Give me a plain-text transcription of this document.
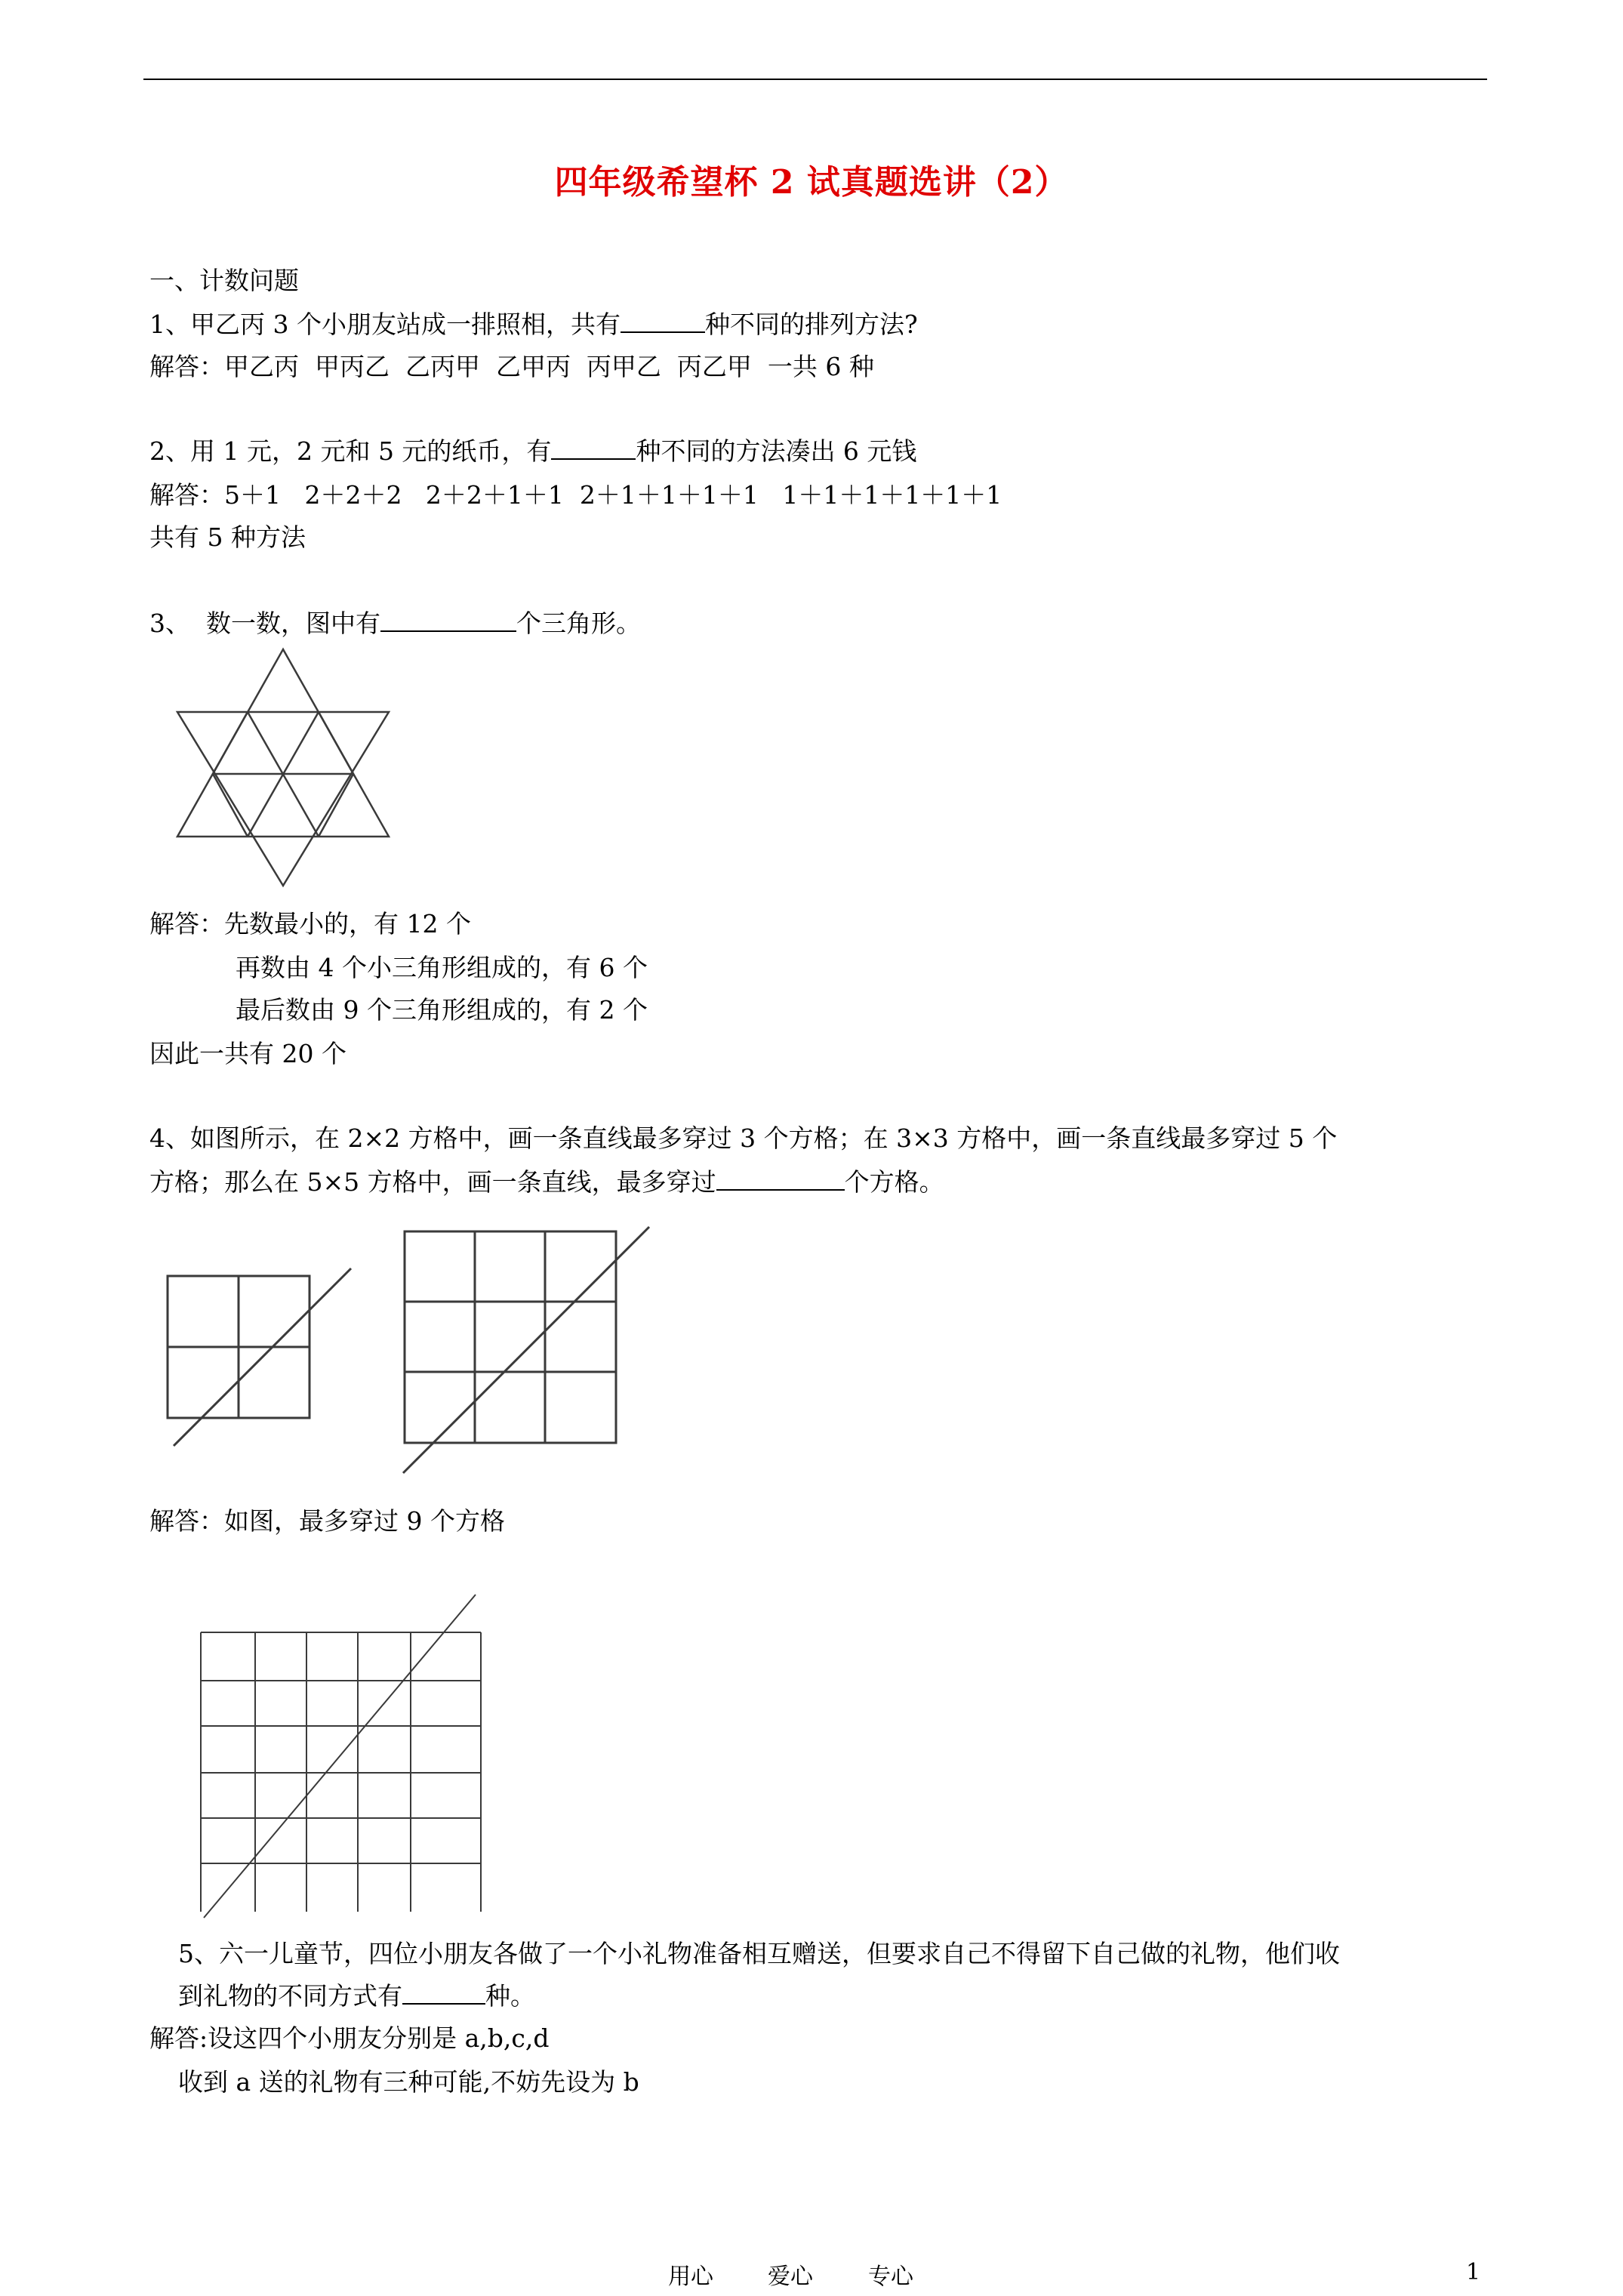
四年级希望杯 2 试真题选讲（2）
一、计数问题
1、甲乙丙 3 个小朋友站成一排照相，共有	种不同的排列方法?
解答：甲乙丙  甲丙乙  乙丙甲  乙甲丙  丙甲乙  丙乙甲  一共 6 种
2、用 1 元，2 元和 5 元的纸币，有	种不同的方法凑出 6 元钱
解答：5＋1   2＋2＋2   2＋2＋1＋1  2＋1＋1＋1＋1   1＋1＋1＋1＋1＋1
共有 5 种方法
3、  数一数，图中有	个三角形。
解答：先数最小的，有 12 个
再数由 4 个小三角形组成的，有 6 个
最后数由 9 个三角形组成的，有 2 个
因此一共有 20 个
4、如图所示，在 2×2 方格中，画一条直线最多穿过 3 个方格；在 3×3 方格中，画一条直线最多穿过 5 个
方格；那么在 5×5 方格中，画一条直线，最多穿过	个方格。
解答：如图，最多穿过 9 个方格
5、六一儿童节，四位小朋友各做了一个小礼物准备相互赠送，但要求自己不得留下自己做的礼物，他们收
到礼物的不同方式有	种。
解答:设这四个小朋友分别是 a,b,c,d
收到 a 送的礼物有三种可能,不妨先设为 b
用心 爱心 专心	1
